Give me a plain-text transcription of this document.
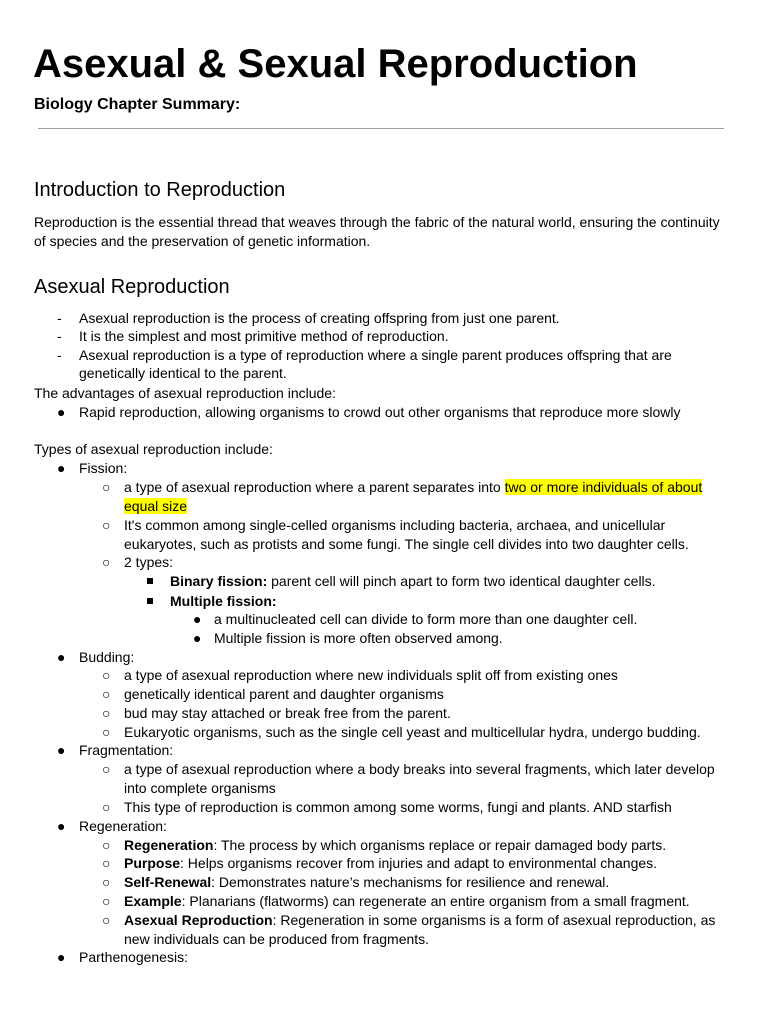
Asexual & Sexual Reproduction
Biology Chapter Summary:
Introduction to Reproduction
Reproduction is the essential thread that weaves through the fabric of the natural world, ensuring the continuity of species and the preservation of genetic information.
Asexual Reproduction
- Asexual reproduction is the process of creating offspring from just one parent.
- It is the simplest and most primitive method of reproduction.
- Asexual reproduction is a type of reproduction where a single parent produces offspring that are
genetically identical to the parent.
The advantages of asexual reproduction include:
● Rapid reproduction, allowing organisms to crowd out other organisms that reproduce more slowly
Types of asexual reproduction include:
● Fission:
○ a type of asexual reproduction where a parent separates into two or more individuals of about
equal size
○ It's common among single-celled organisms including bacteria, archaea, and unicellular
eukaryotes, such as protists and some fungi. The single cell divides into two daughter cells.
○ 2 types:
Binary fission: parent cell will pinch apart to form two identical daughter cells.
Multiple fission:
● a multinucleated cell can divide to form more than one daughter cell.
● Multiple fission is more often observed among.
● Budding:
○ a type of asexual reproduction where new individuals split off from existing ones
○ genetically identical parent and daughter organisms
○ bud may stay attached or break free from the parent.
○ Eukaryotic organisms, such as the single cell yeast and multicellular hydra, undergo budding.
● Fragmentation:
○ a type of asexual reproduction where a body breaks into several fragments, which later develop
into complete organisms
○ This type of reproduction is common among some worms, fungi and plants. AND starfish
● Regeneration:
○ Regeneration: The process by which organisms replace or repair damaged body parts.
○ Purpose: Helps organisms recover from injuries and adapt to environmental changes.
○ Self-Renewal: Demonstrates nature’s mechanisms for resilience and renewal.
○ Example: Planarians (flatworms) can regenerate an entire organism from a small fragment.
○ Asexual Reproduction: Regeneration in some organisms is a form of asexual reproduction, as
new individuals can be produced from fragments.
● Parthenogenesis:
